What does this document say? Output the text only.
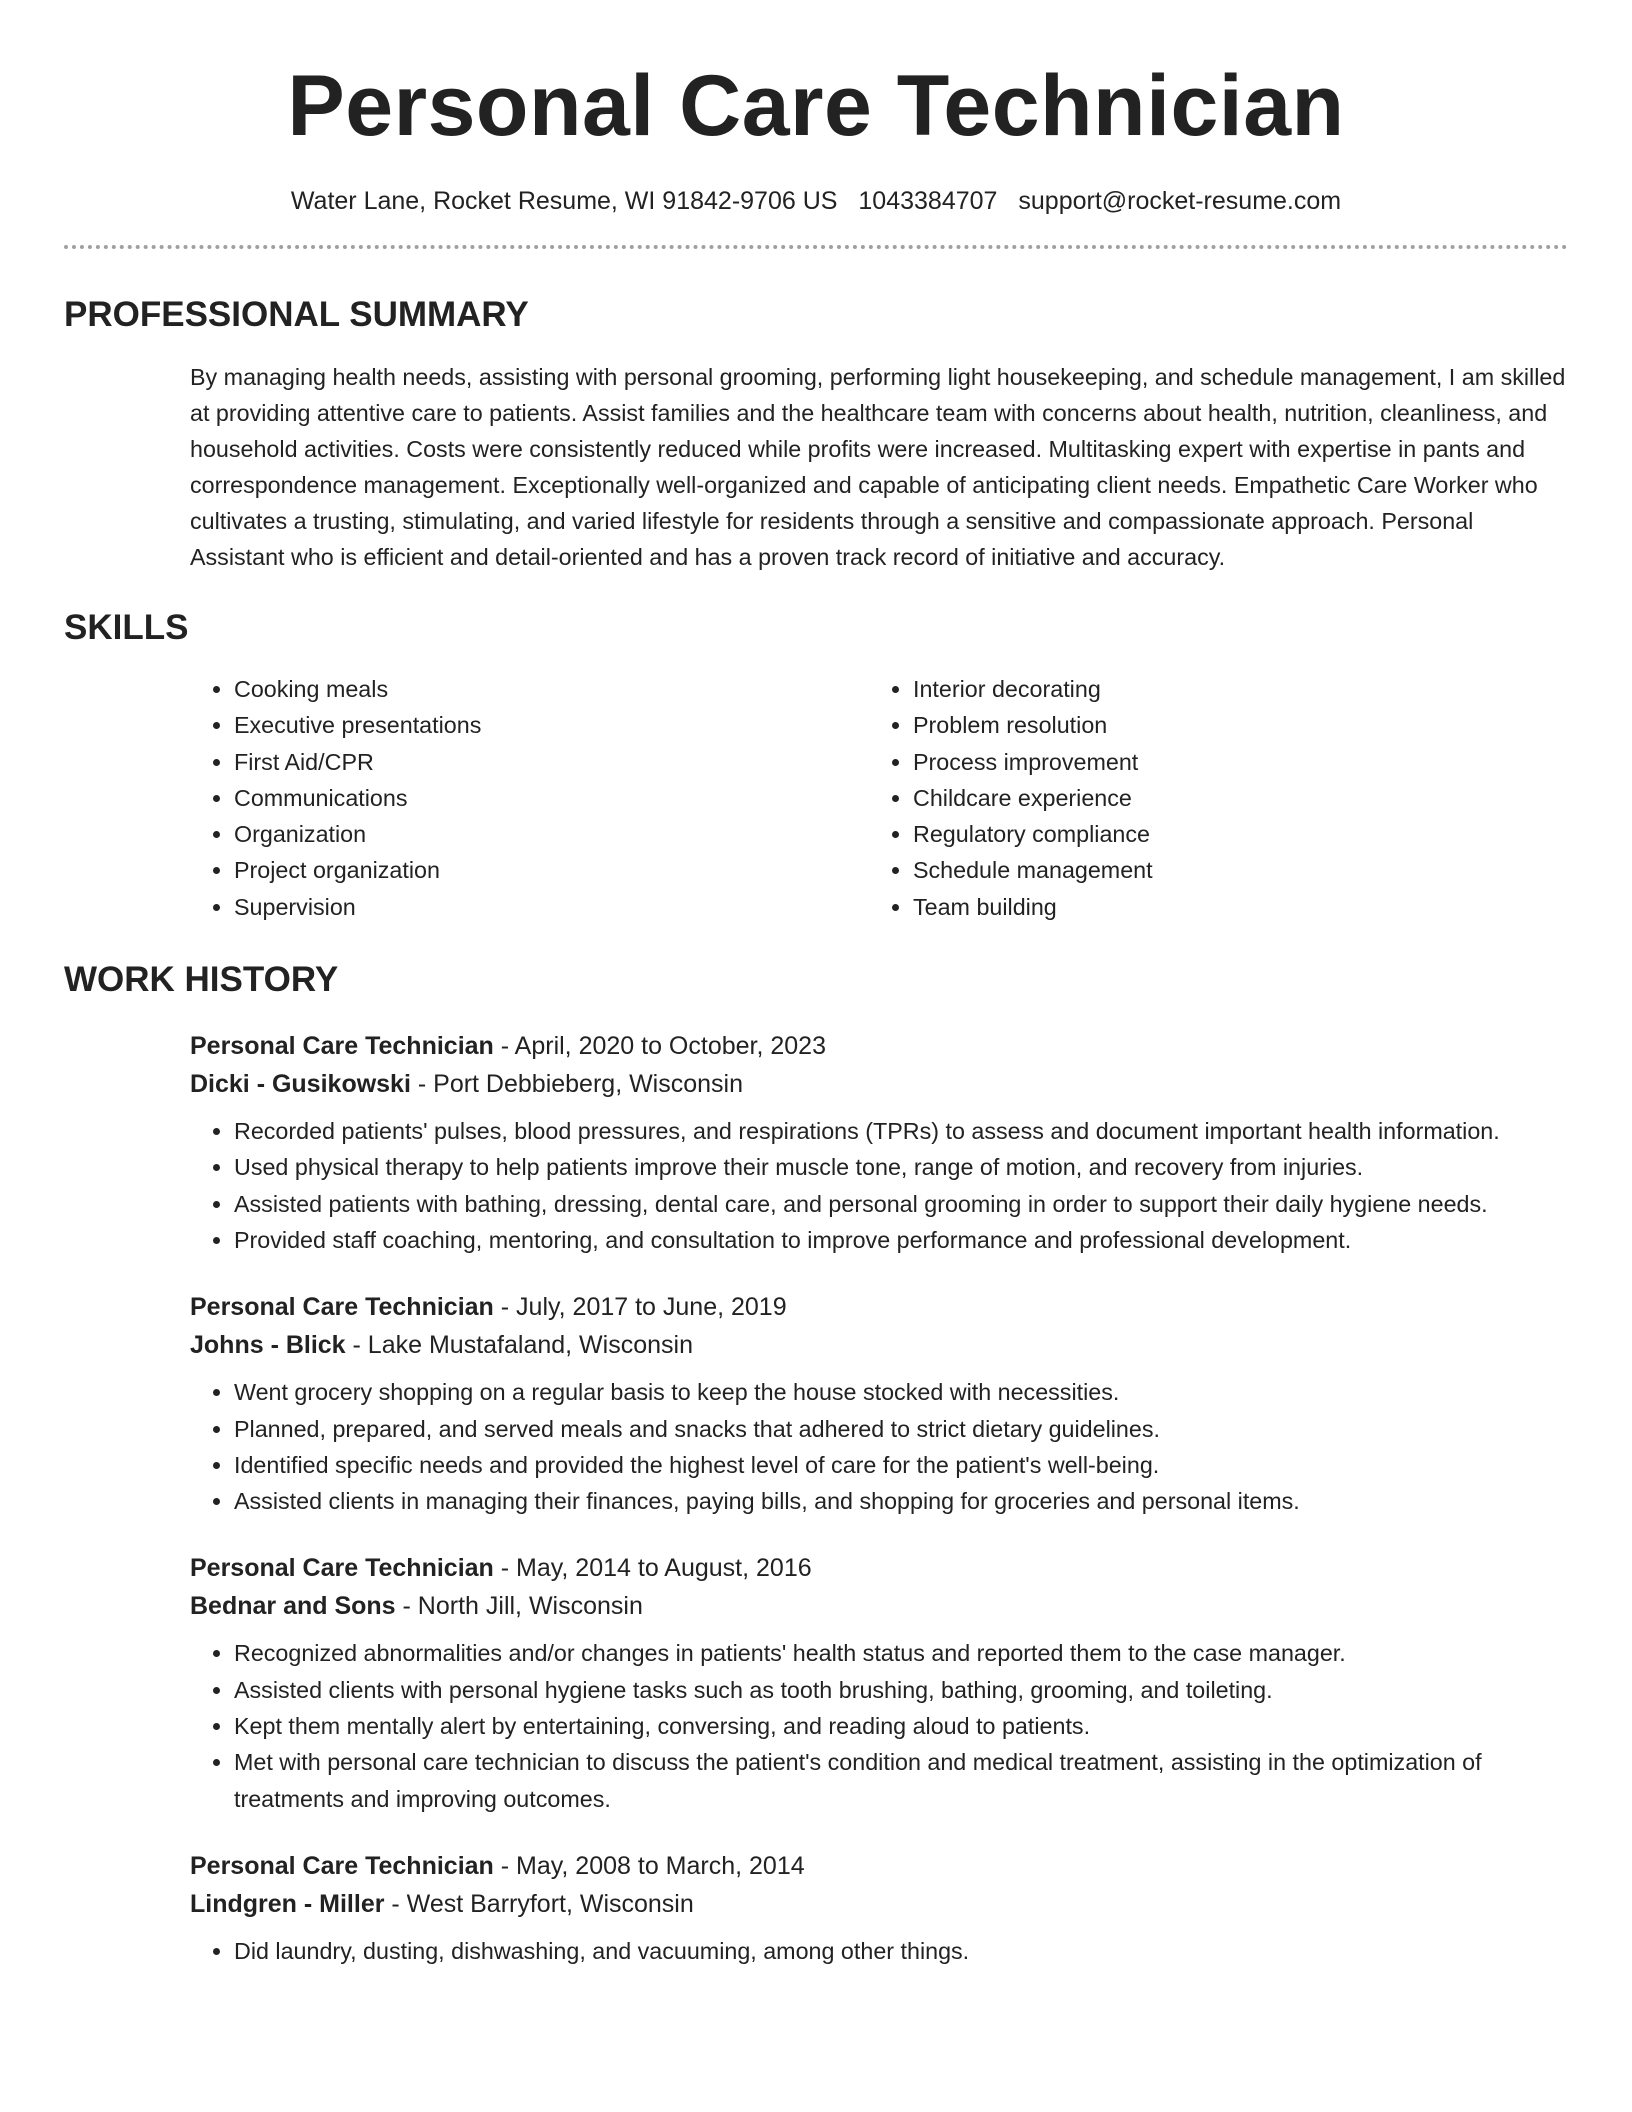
Personal Care Technician
Water Lane, Rocket Resume, WI 91842-9706 US 1043384707 support@rocket-resume.com
PROFESSIONAL SUMMARY

By managing health needs, assisting with personal grooming, performing light housekeeping, and schedule management, I am skilled at providing attentive care to patients. Assist families and the healthcare team with concerns about health, nutrition, cleanliness, and household activities. Costs were consistently reduced while profits were increased. Multitasking expert with expertise in pants and correspondence management. Exceptionally well-organized and capable of anticipating client needs. Empathetic Care Worker who cultivates a trusting, stimulating, and varied lifestyle for residents through a sensitive and compassionate approach. Personal Assistant who is efficient and detail-oriented and has a proven track record of initiative and accuracy.

SKILLS
• Cooking meals
• Executive presentations
• First Aid/CPR
• Communications
• Organization
• Project organization
• Supervision
• Interior decorating
• Problem resolution
• Process improvement
• Childcare experience
• Regulatory compliance
• Schedule management
• Team building
WORK HISTORY
Personal Care Technician - April, 2020 to October, 2023
Dicki - Gusikowski - Port Debbieberg, Wisconsin
• Recorded patients' pulses, blood pressures, and respirations (TPRs) to assess and document important health information.
• Used physical therapy to help patients improve their muscle tone, range of motion, and recovery from injuries.
• Assisted patients with bathing, dressing, dental care, and personal grooming in order to support their daily hygiene needs.
• Provided staff coaching, mentoring, and consultation to improve performance and professional development.
Personal Care Technician - July, 2017 to June, 2019
Johns - Blick - Lake Mustafaland, Wisconsin
• Went grocery shopping on a regular basis to keep the house stocked with necessities.
• Planned, prepared, and served meals and snacks that adhered to strict dietary guidelines.
• Identified specific needs and provided the highest level of care for the patient's well-being.
• Assisted clients in managing their finances, paying bills, and shopping for groceries and personal items.
Personal Care Technician - May, 2014 to August, 2016
Bednar and Sons - North Jill, Wisconsin
• Recognized abnormalities and/or changes in patients' health status and reported them to the case manager.
• Assisted clients with personal hygiene tasks such as tooth brushing, bathing, grooming, and toileting.
• Kept them mentally alert by entertaining, conversing, and reading aloud to patients.
• Met with personal care technician to discuss the patient's condition and medical treatment, assisting in the optimization of treatments and improving outcomes.
Personal Care Technician - May, 2008 to March, 2014
Lindgren - Miller - West Barryfort, Wisconsin
• Did laundry, dusting, dishwashing, and vacuuming, among other things.
